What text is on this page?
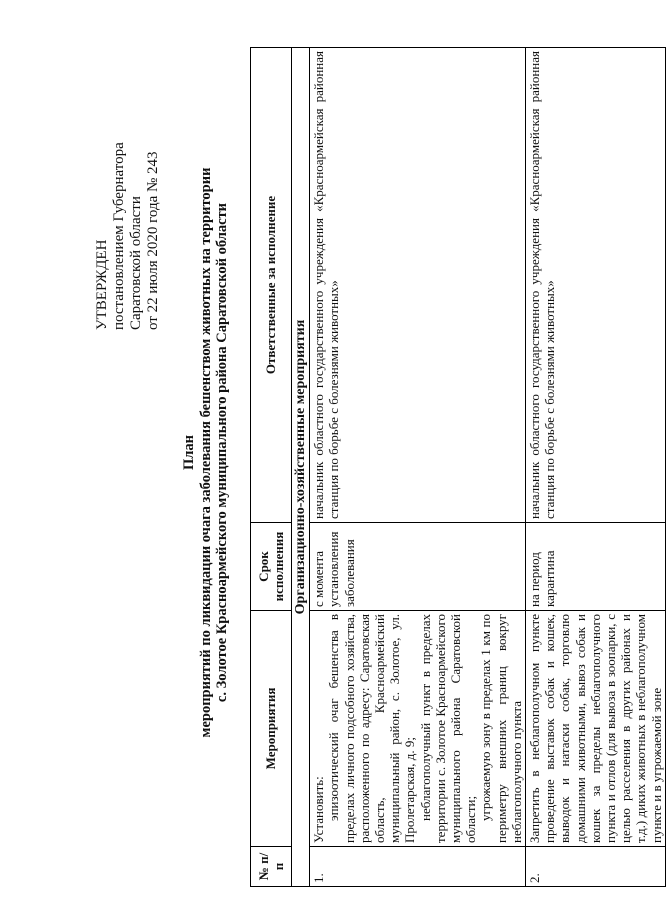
УТВЕРЖДЕН постановлением Губернатора Саратовской области от 22 июля 2020 года № 243
План мероприятий по ликвидации очага заболевания бешенством животных на территории с. Золотое Красноармейского муниципального района Саратовской области
№ п/п	Мероприятия	Срок исполнения	Ответственные за исполнение
Организационно-хозяйственные мероприятия			
1.	Установить: эпизоотический очаг бешенства в пределах личного подсобного хозяйства, расположенного по адресу: Саратовская область, Красноармейский муниципальный район, с. Золотое, ул. Пролетарская, д. 9; неблагополучный пункт в пределах территории с. Золотое Красноармейского муниципального района Саратовской области; угрожаемую зону в пределах 1 км по периметру внешних границ вокруг неблагополучного пункта	с момента установления заболевания	начальник областного государственного учреждения «Красноармейская районная станция по борьбе с болезнями животных»
2.	Запретить в неблагополучном пункте проведение выставок собак и кошек, выводок и натаски собак, торговлю домашними животными, вывоз собак и кошек за пределы неблагополучного пункта и отлов (для вывоза в зоопарки, с целью расселения в других районах и т.д.) диких животных в неблагополучном пункте и в угрожаемой зоне	на период карантина	начальник областного государственного учреждения «Красноармейская районная станция по борьбе с болезнями животных»
